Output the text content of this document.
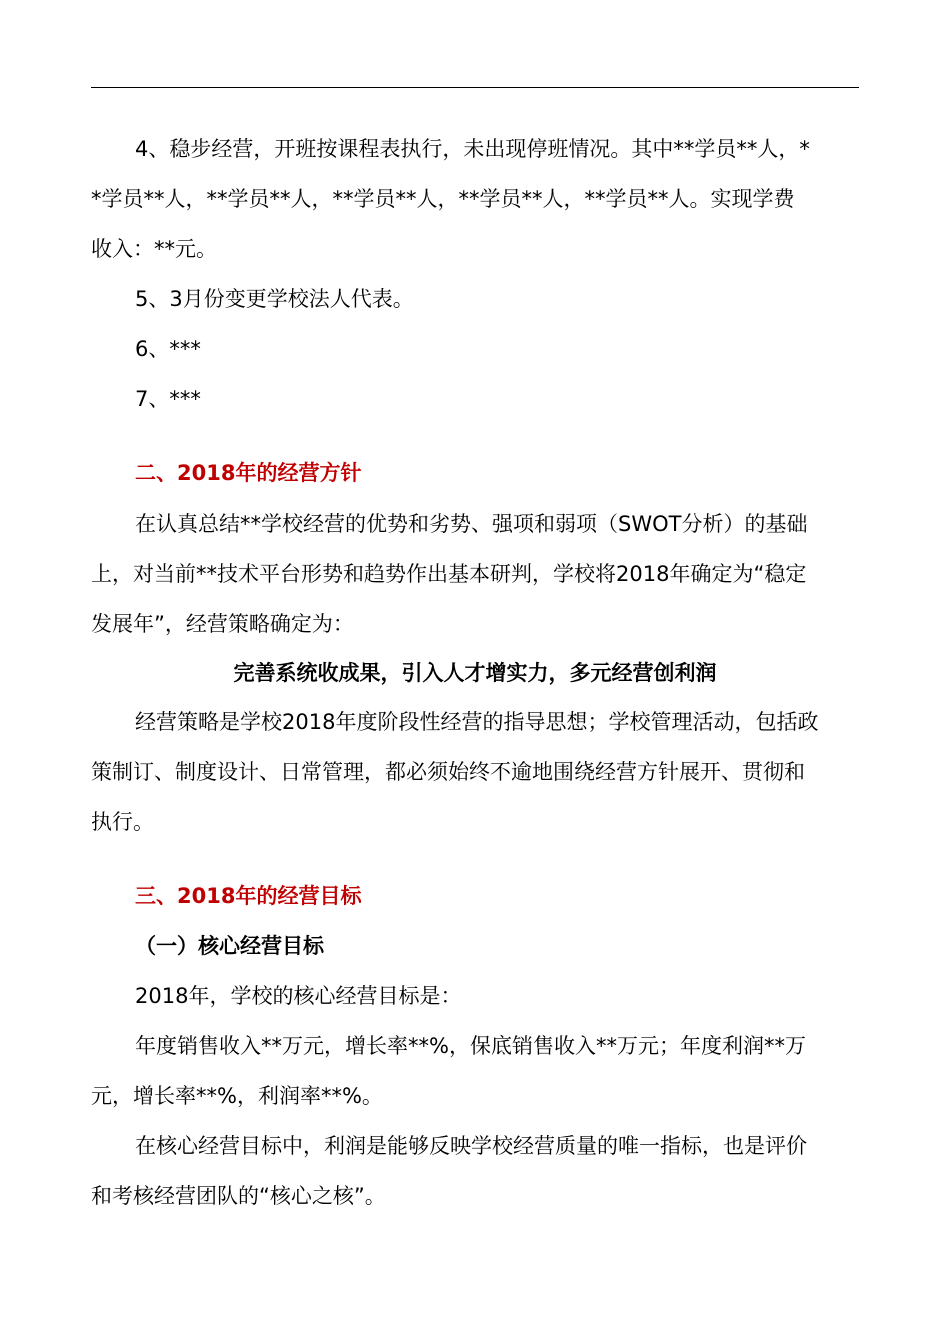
4、稳步经营，开班按课程表执行，未出现停班情况。其中**学员**人，*

*学员**人，**学员**人，**学员**人，**学员**人，**学员**人。实现学费

收入：**元。

5、3月份变更学校法人代表。

6、***

7、***

二、2018年的经营方针

在认真总结**学校经营的优势和劣势、强项和弱项（SWOT分析）的基础

上，对当前**技术平台形势和趋势作出基本研判，学校将2018年确定为“稳定

发展年”，经营策略确定为：

完善系统收成果，引入人才增实力，多元经营创利润

经营策略是学校2018年度阶段性经营的指导思想；学校管理活动，包括政

策制订、制度设计、日常管理，都必须始终不逾地围绕经营方针展开、贯彻和

执行。

三、2018年的经营目标

（一）核心经营目标

2018年，学校的核心经营目标是：

年度销售收入**万元，增长率**%，保底销售收入**万元；年度利润**万

元，增长率**%，利润率**%。

在核心经营目标中，利润是能够反映学校经营质量的唯一指标，也是评价

和考核经营团队的“核心之核”。
